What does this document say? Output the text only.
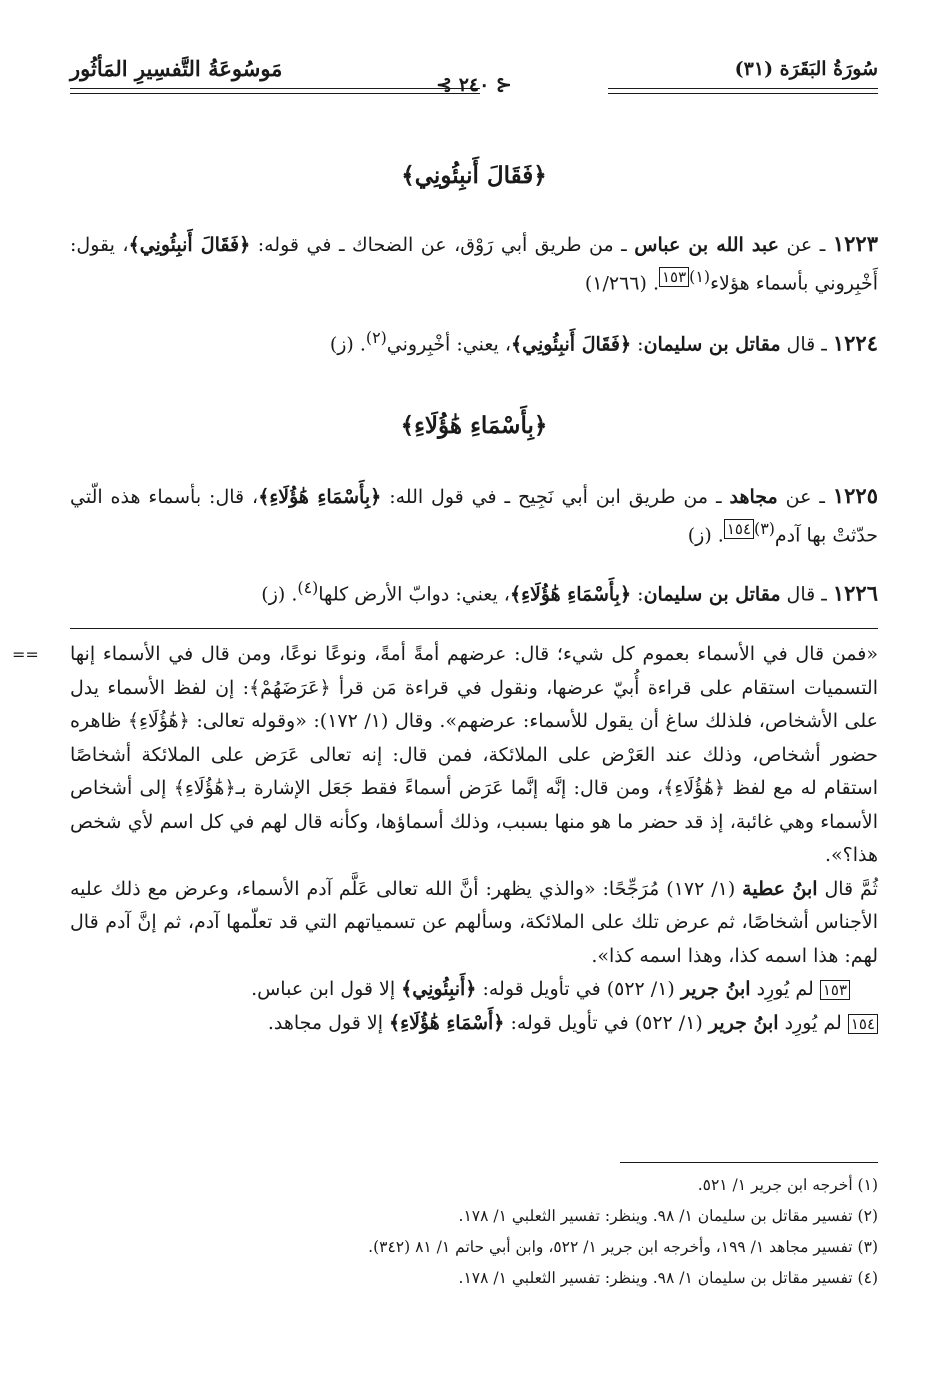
سُورَةُ البَقَرَة (٣١)
مَوسُوعَةُ التَّفسِيرِ المَأثُور
⊰ ٢٤٠ ⊱
﴿فَقَالَ أَنبِئُونِي﴾
١٢٢٣ ـ عن عبد الله بن عباس ـ من طريق أبي رَوْق، عن الضحاك ـ في قوله: ﴿فَقَالَ أَنبِئُونِي﴾، يقول: أَخْبِروني بأسماء هؤلاء$^{(١)١٥٣}$. (١/٢٦٦)
١٢٢٤ ـ قال مقاتل بن سليمان: ﴿فَقَالَ أَنبِئُونِي﴾، يعني: أخْبِروني$^{(٢)}$. (ز)
﴿بِأَسْمَاءِ هَٰؤُلَاءِ﴾
١٢٢٥ ـ عن مجاهد ـ من طريق ابن أبي نَجِيح ـ في قول الله: ﴿بِأَسْمَاءِ هَٰؤُلَاءِ﴾، قال: بأسماء هذه الّتي حدّثتْ بها آدم$^{(٣)١٥٤}$. (ز)
١٢٢٦ ـ قال مقاتل بن سليمان: ﴿بِأَسْمَاءِ هَٰؤُلَاءِ﴾، يعني: دوابّ الأرض كلها$^{(٤)}$. (ز)
== «فمن قال في الأسماء بعموم كل شيء؛ قال: عرضهم أمةً أمةً، ونوعًا نوعًا، ومن قال في الأسماء إنها التسميات استقام على قراءة أُبيّ عرضها، ونقول في قراءة مَن قرأ ﴿عَرَضَهُمْ﴾: إن لفظ الأسماء يدل على الأشخاص، فلذلك ساغ أن يقول للأسماء: عرضهم». وقال (١/ ١٧٢): «وقوله تعالى: ﴿هَٰؤُلَاءِ﴾ ظاهره حضور أشخاص، وذلك عند العَرْض على الملائكة، فمن قال: إنه تعالى عَرَض على الملائكة أشخاصًا استقام له مع لفظ ﴿هَٰؤُلَاءِ﴾، ومن قال: إنَّه إنَّما عَرَض أسماءً فقط جَعَل الإشارة بـ﴿هَٰؤُلَاءِ﴾ إلى أشخاص الأسماء وهي غائبة، إذ قد حضر ما هو منها بسبب، وذلك أسماؤها، وكأنه قال لهم في كل اسم لأي شخص هذا؟».
ثُمَّ قال ابنُ عطية (١/ ١٧٢) مُرَجِّحًا: «والذي يظهر: أنَّ الله تعالى عَلَّم آدم الأسماء، وعرض مع ذلك عليه الأجناس أشخاصًا، ثم عرض تلك على الملائكة، وسألهم عن تسمياتهم التي قد تعلّمها آدم، ثم إنَّ آدم قال لهم: هذا اسمه كذا، وهذا اسمه كذا».
١٥٣ لم يُورِد ابنُ جرير (١/ ٥٢٢) في تأويل قوله: ﴿أَنبِئُونِي﴾ إلا قول ابن عباس.
١٥٤ لم يُورِد ابنُ جرير (١/ ٥٢٢) في تأويل قوله: ﴿أَسْمَاءِ هَٰؤُلَاءِ﴾ إلا قول مجاهد.
(١) أخرجه ابن جرير ١/ ٥٢١.
(٢) تفسير مقاتل بن سليمان ١/ ٩٨. وينظر: تفسير الثعلبي ١/ ١٧٨.
(٣) تفسير مجاهد ١/ ١٩٩، وأخرجه ابن جرير ١/ ٥٢٢، وابن أبي حاتم ١/ ٨١ (٣٤٢).
(٤) تفسير مقاتل بن سليمان ١/ ٩٨. وينظر: تفسير الثعلبي ١/ ١٧٨.
